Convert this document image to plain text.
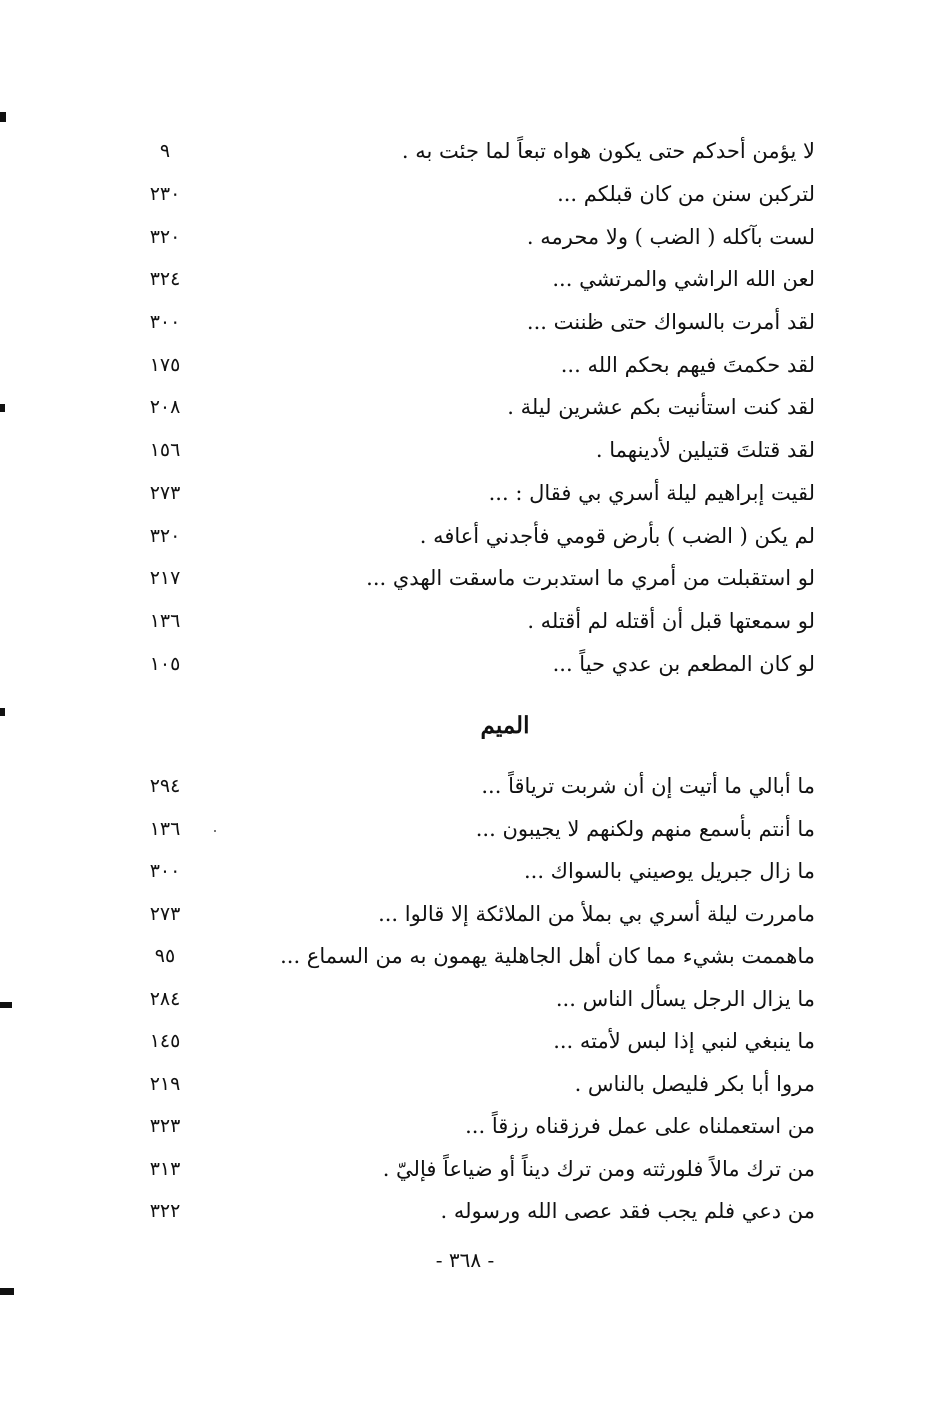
٩	لا يؤمن أحدكم حتى يكون هواه تبعاً لما جئت به .
٢٣٠	لتركبن سنن من كان قبلكم ...
٣٢٠	لست بآكله ( الضب ) ولا محرمه .
٣٢٤	لعن الله الراشي والمرتشي ...
٣٠٠	لقد أمرت بالسواك حتى ظننت ...
١٧٥	لقد حكمتَ فيهم بحكم الله ...
٢٠٨	لقد كنت استأنيت بكم عشرين ليلة .
١٥٦	لقد قتلتَ قتيلين لأدينهما .
٢٧٣	لقيت إبراهيم ليلة أسري بي فقال : ...
٣٢٠	لم يكن ( الضب ) بأرض قومي فأجدني أعافه .
٢١٧	لو استقبلت من أمري ما استدبرت ماسقت الهدي ...
١٣٦	لو سمعتها قبل أن أقتله لم أقتله .
١٠٥	لو كان المطعم بن عدي حياً ...
الميم
٢٩٤	ما أبالي ما أتيت إن أن شربت ترياقاً ...
١٣٦	ما أنتم بأسمع منهم ولكنهم لا يجيبون ...
٣٠٠	ما زال جبريل يوصيني بالسواك ...
٢٧٣	مامررت ليلة أسري بي بملأ من الملائكة إلا قالوا ...
٩٥	ماهممت بشيء مما كان أهل الجاهلية يهمون به من السماع ...
٢٨٤	ما يزال الرجل يسأل الناس ...
١٤٥	ما ينبغي لنبي إذا لبس لأمته ...
٢١٩	مروا أبا بكر فليصل بالناس .
٣٢٣	من استعملناه على عمل فرزقناه رزقاً ...
٣١٣	من ترك مالاً فلورثته ومن ترك ديناً أو ضياعاً فإليّ .
٣٢٢	من دعي فلم يجب فقد عصى الله ورسوله .
- ٣٦٨ -
